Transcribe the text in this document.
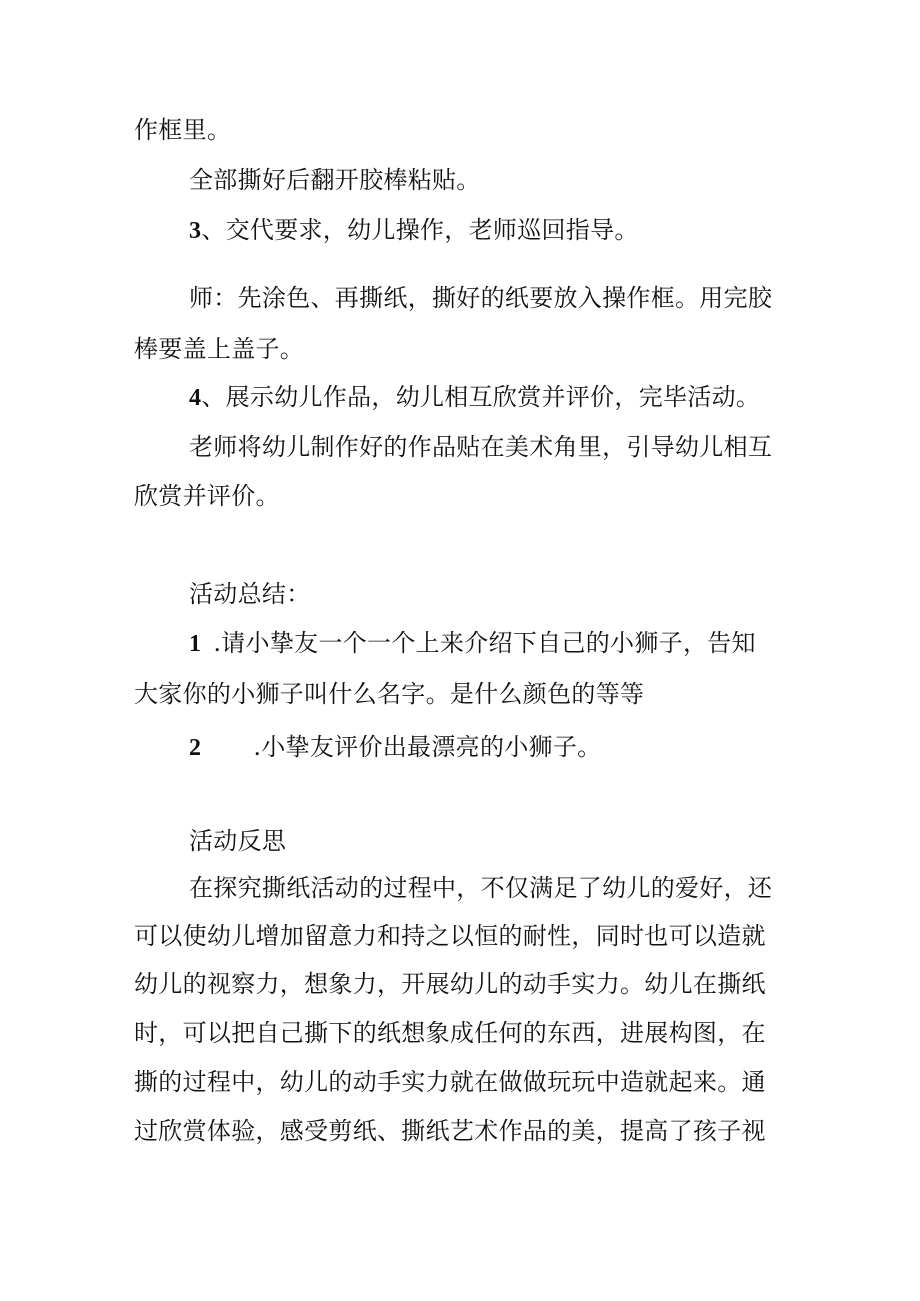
作框里。
全部撕好后翻开胶棒粘贴。
3、交代要求，幼儿操作，老师巡回指导。
师：先涂色、再撕纸，撕好的纸要放入操作框。用完胶
棒要盖上盖子。
4、展示幼儿作品，幼儿相互欣赏并评价，完毕活动。
老师将幼儿制作好的作品贴在美术角里，引导幼儿相互
欣赏并评价。
活动总结：
1 .请小挚友一个一个上来介绍下自己的小狮子，告知
大家你的小狮子叫什么名字。是什么颜色的等等
2 .小挚友评价出最漂亮的小狮子。
活动反思
在探究撕纸活动的过程中，不仅满足了幼儿的爱好，还
可以使幼儿增加留意力和持之以恒的耐性，同时也可以造就
幼儿的视察力，想象力，开展幼儿的动手实力。幼儿在撕纸
时，可以把自己撕下的纸想象成任何的东西，进展构图，在
撕的过程中，幼儿的动手实力就在做做玩玩中造就起来。通
过欣赏体验，感受剪纸、撕纸艺术作品的美，提高了孩子视
